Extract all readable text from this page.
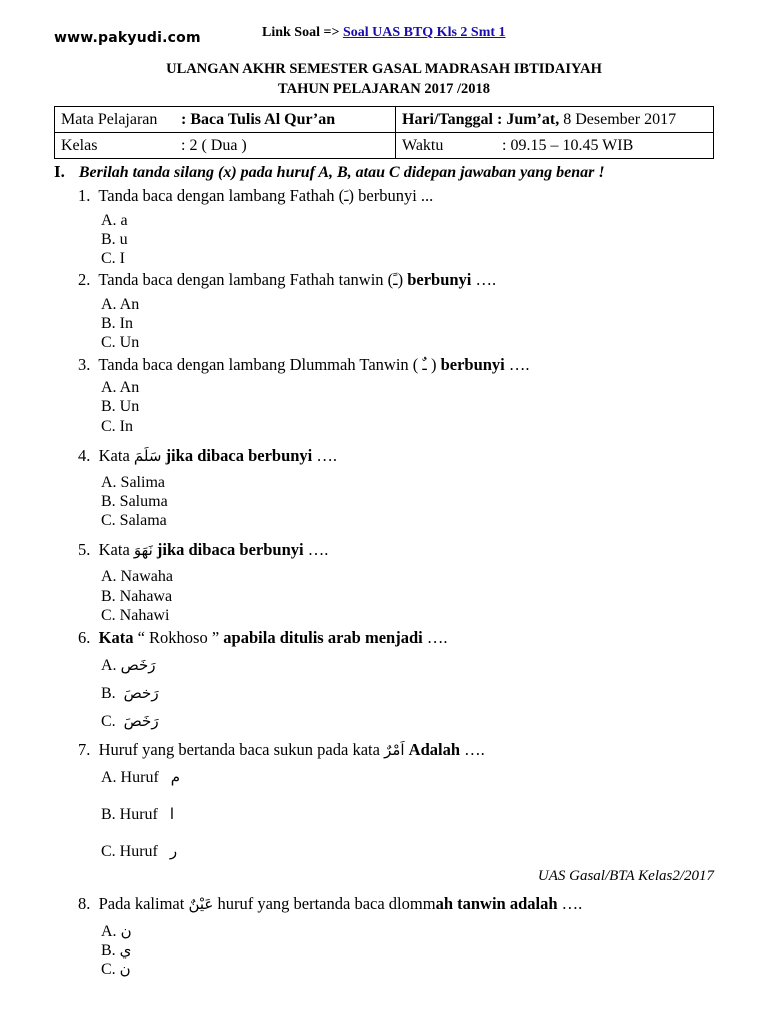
www.pakyudi.com	Link Soal => Soal UAS BTQ Kls 2 Smt 1
ULANGAN AKHR SEMESTER GASAL MADRASAH IBTIDAIYAH
TAHUN PELAJARAN 2017 /2018
Mata Pelajaran : Baca Tulis Al Qur’an	Hari/Tanggal : Jum’at, 8 Desember 2017
Kelas : 2 ( Dua )	Waktu : 09.15 – 10.45 WIB
I. Berilah tanda silang (x) pada huruf A, B, atau C didepan jawaban yang benar !
1. Tanda baca dengan lambang Fathah (ـَ) berbunyi ...
A. a
B. u
C. I
2. Tanda baca dengan lambang Fathah tanwin (ـً) berbunyi ….
A. An
B. In
C. Un
3. Tanda baca dengan lambang Dlummah Tanwin ( ـٌ ) berbunyi ….
A. An
B. Un
C. In
4. Kata سَلَمَ jika dibaca berbunyi ….
A. Salima
B. Saluma
C. Salama
5. Kata نَهَوَ jika dibaca berbunyi ….
A. Nawaha
B. Nahawa
C. Nahawi
6. Kata “ Rokhoso ” apabila ditulis arab menjadi ….
A. رَخَص
B. رَخصَ
C. رَخَصَ
7. Huruf yang bertanda baca sukun pada kata اَمْرٌ Adalah ….
A. Huruf م
B. Huruf ا
C. Huruf ر
UAS Gasal/BTA Kelas2/2017
8. Pada kalimat عَيْنٌ huruf yang bertanda baca dlommah tanwin adalah ….
A. ن
B. ي
C. ن
